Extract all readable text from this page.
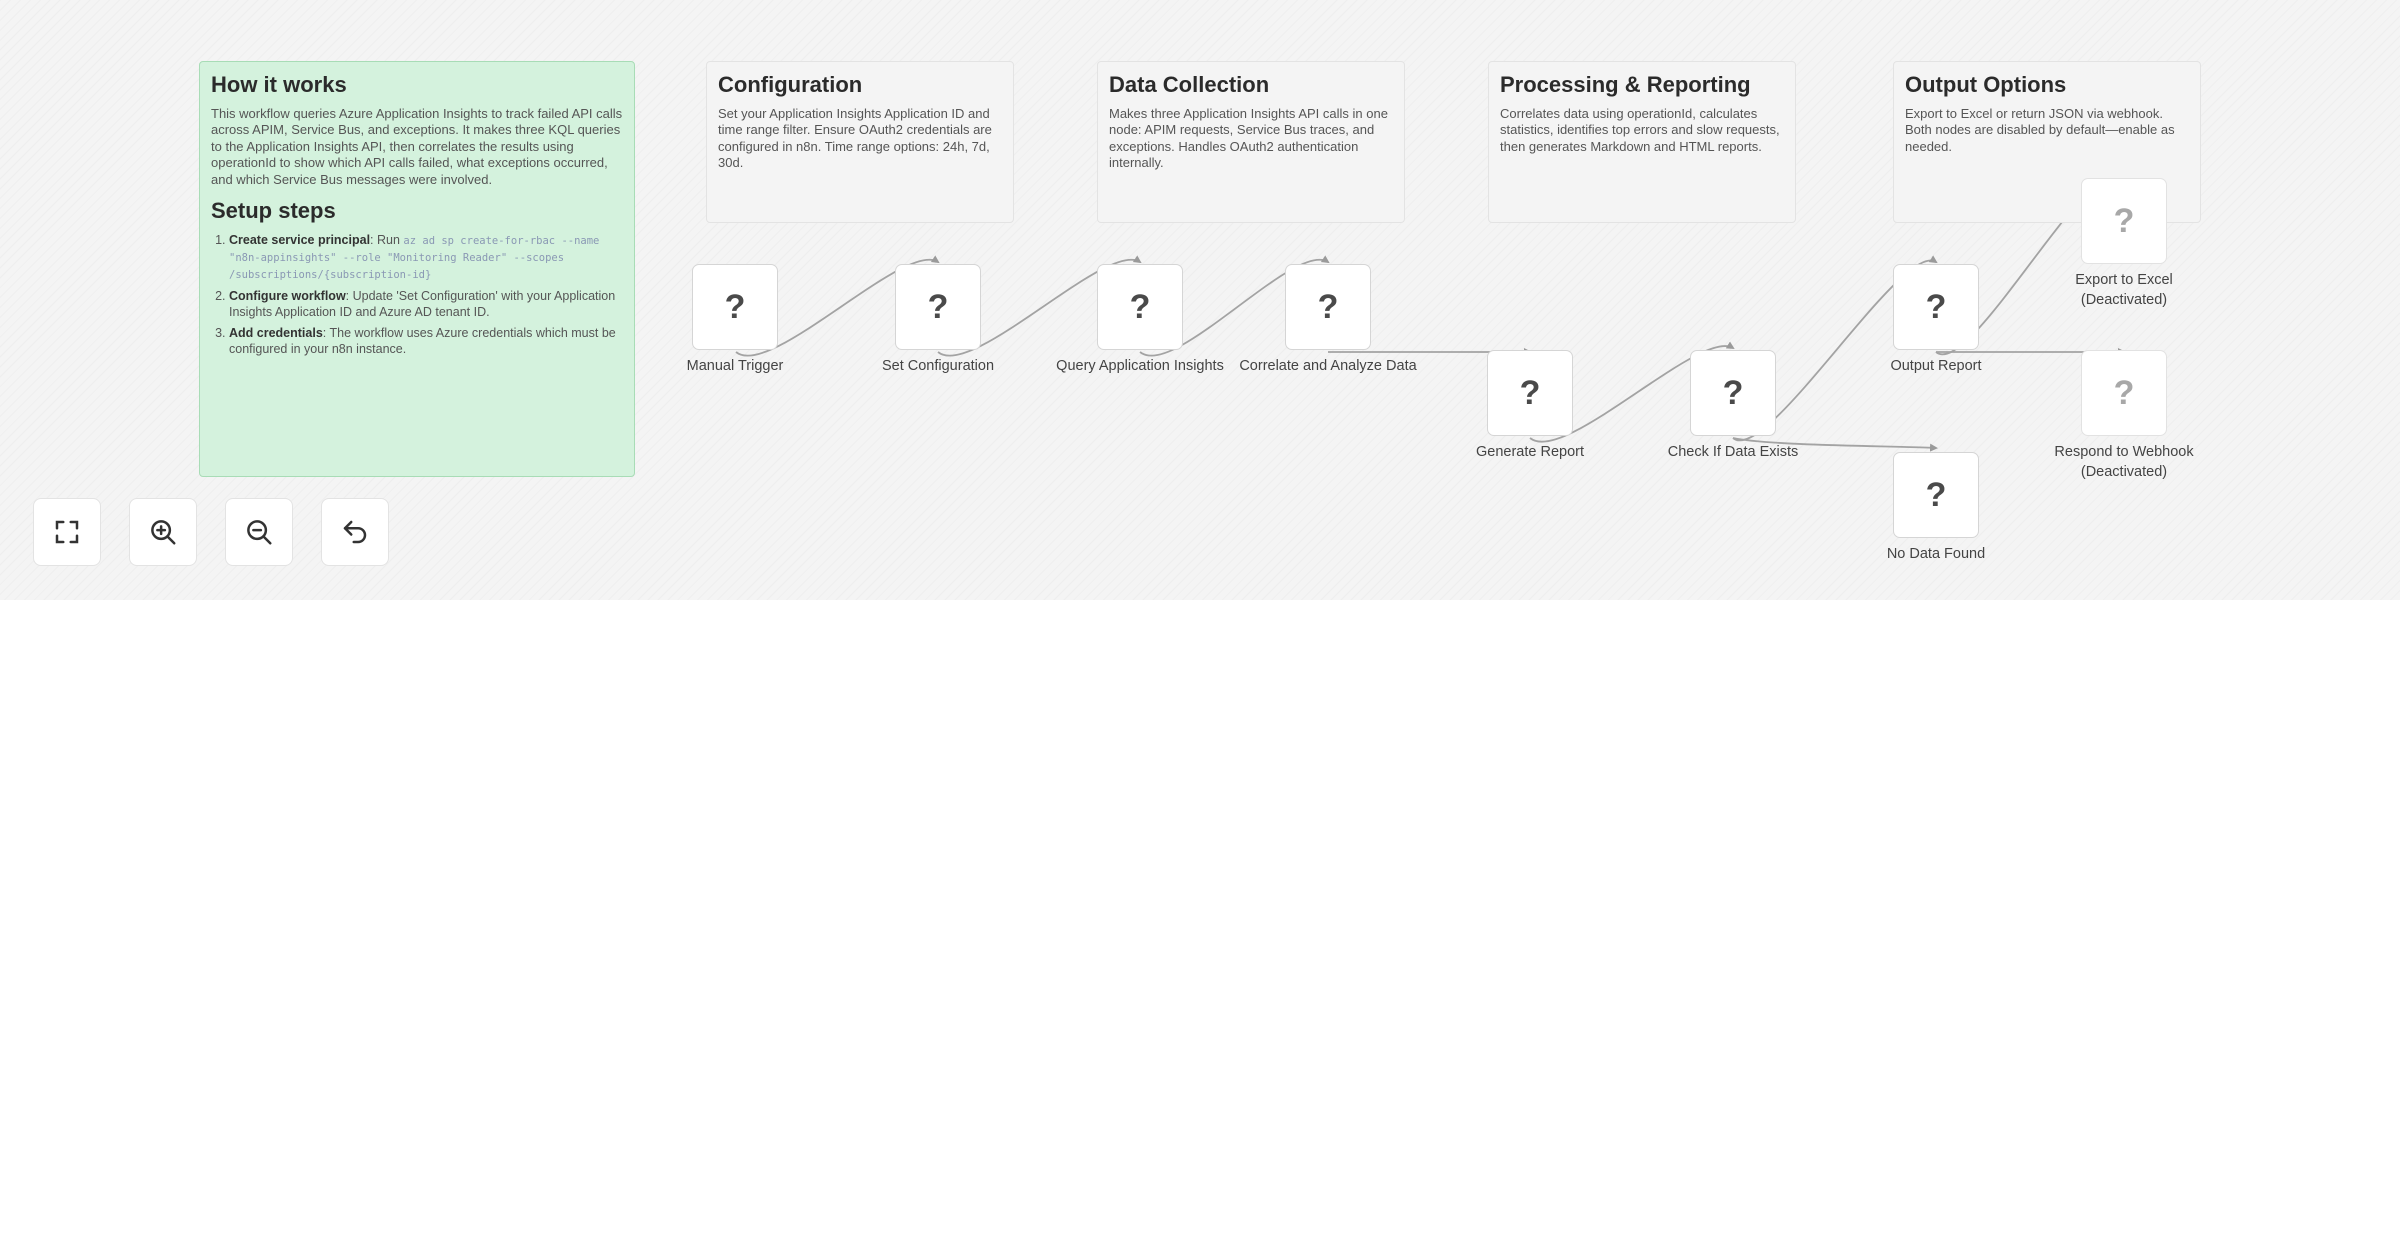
How it works

This workflow queries Azure Application Insights to track failed API calls across APIM, Service Bus, and exceptions. It makes three KQL queries to the Application Insights API, then correlates the results using operationId to show which API calls failed, what exceptions occurred, and which Service Bus messages were involved.

Setup steps
1. Create service principal: Run az ad sp create-for-rbac --name "n8n-appinsights" --role "Monitoring Reader" --scopes /subscriptions/{subscription-id}
2. Configure workflow: Update 'Set Configuration' with your Application Insights Application ID and Azure AD tenant ID.
3. Add credentials: The workflow uses Azure credentials which must be configured in your n8n instance.
Configuration

Set your Application Insights Application ID and time range filter. Ensure OAuth2 credentials are configured in n8n. Time range options: 24h, 7d, 30d.

Data Collection

Makes three Application Insights API calls in one node: APIM requests, Service Bus traces, and exceptions. Handles OAuth2 authentication internally.

Processing & Reporting

Correlates data using operationId, calculates statistics, identifies top errors and slow requests, then generates Markdown and HTML reports.

Output Options

Export to Excel or return JSON via webhook. Both nodes are disabled by default—enable as needed.

?
Manual Trigger
?
Set Configuration
?
Query Application Insights
?
Correlate and Analyze Data
?
Generate Report
?
Check If Data Exists
?
Output Report
?
No Data Found
?
Export to Excel (Deactivated)
?
Respond to Webhook (Deactivated)
